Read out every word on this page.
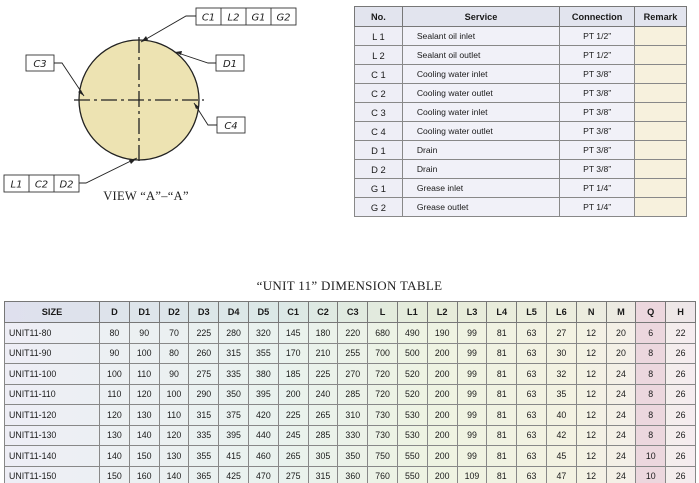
C1 L2 G1 G2
C3	D1
C4
L1 C2 D2
VIEW “A”–“A”
No.	Service	Connection	Remark
L 1	Sealant oil inlet	PT 1/2”	
L 2	Sealant oil outlet	PT 1/2”	
C 1	Cooling water inlet	PT 3/8”	
C 2	Cooling water outlet	PT 3/8”	
C 3	Cooling water inlet	PT 3/8”	
C 4	Cooling water outlet	PT 3/8”	
D 1	Drain	PT 3/8”	
D 2	Drain	PT 3/8”	
G 1	Grease inlet	PT 1/4”	
G 2	Grease outlet	PT 1/4”	
“UNIT 11” DIMENSION TABLE
SIZE	D	D1	D2	D3	D4	D5	C1	C2	C3	L	L1	L2	L3	L4	L5	L6	N	M	Q	H
UNIT11-80	80	90	70	225	280	320	145	180	220	680	490	190	99	81	63	27	12	20	6	22
UNIT11-90	90	100	80	260	315	355	170	210	255	700	500	200	99	81	63	30	12	20	8	26
UNIT11-100	100	110	90	275	335	380	185	225	270	720	520	200	99	81	63	32	12	24	8	26
UNIT11-110	110	120	100	290	350	395	200	240	285	720	520	200	99	81	63	35	12	24	8	26
UNIT11-120	120	130	110	315	375	420	225	265	310	730	530	200	99	81	63	40	12	24	8	26
UNIT11-130	130	140	120	335	395	440	245	285	330	730	530	200	99	81	63	42	12	24	8	26
UNIT11-140	140	150	130	355	415	460	265	305	350	750	550	200	99	81	63	45	12	24	10	26
UNIT11-150	150	160	140	365	425	470	275	315	360	760	550	200	109	81	63	47	12	24	10	26
